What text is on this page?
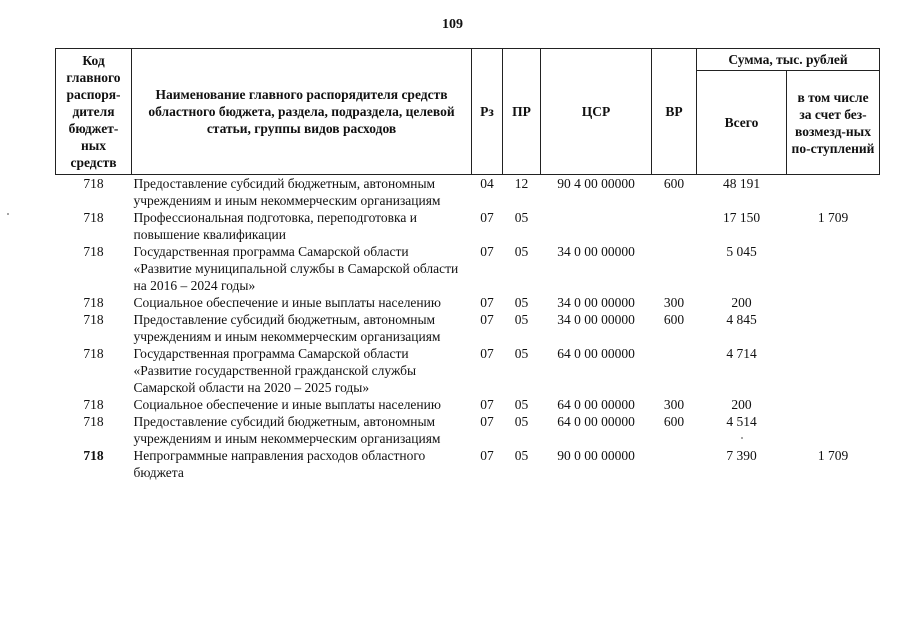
109
Код главного распоря-дителя бюджет-ных средств	Наименование главного распорядителя средств областного бюджета, раздела, подраздела, целевой статьи, группы видов расходов	Рз	ПР	ЦСР	ВР	Сумма, тыс. рублей	
						Всего	в том числе за счет без-возмезд-ных по-ступлений
718	Предоставление субсидий бюджетным, автономным учреждениям и иным некоммерческим организациям	04	12	90 4 00 00000	600	48 191	
718	Профессиональная подготовка, переподготовка и повышение квалификации	07	05			17 150	1 709
718	Государственная программа Самарской области «Развитие муниципальной службы в Самарской области на 2016 – 2024 годы»	07	05	34 0 00 00000		5 045	
718	Социальное обеспечение и иные выплаты населению	07	05	34 0 00 00000	300	200	
718	Предоставление субсидий бюджетным, автономным учреждениям и иным некоммерческим организациям	07	05	34 0 00 00000	600	4 845	
718	Государственная программа Самарской области «Развитие государственной гражданской службы Самарской области на 2020 – 2025 годы»	07	05	64 0 00 00000		4 714	
718	Социальное обеспечение и иные выплаты населению	07	05	64 0 00 00000	300	200	
718	Предоставление субсидий бюджетным, автономным учреждениям и иным некоммерческим организациям	07	05	64 0 00 00000	600	4 514	
718	Непрограммные направления расходов областного бюджета	07	05	90 0 00 00000		7 390	1 709
